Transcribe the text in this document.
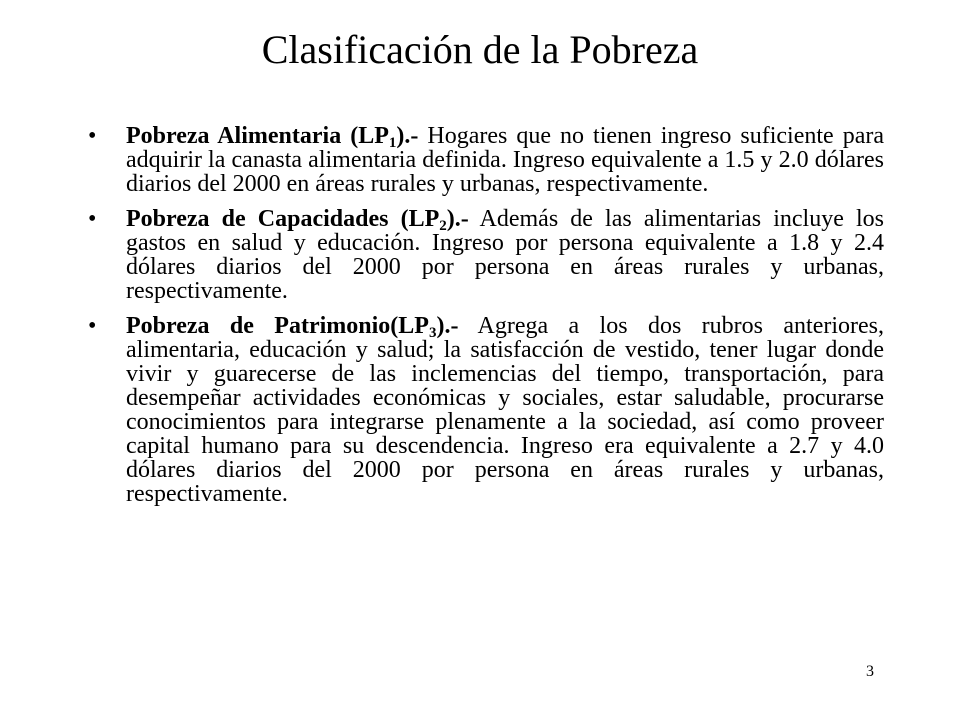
Clasificación de la Pobreza
• Pobreza Alimentaria $(LP_1).-$ Hogares que no tienen ingreso suficiente para adquirir la canasta alimentaria definida. Ingreso equivalente a 1.5 y 2.0 dólares diarios del 2000 en áreas rurales y urbanas, respectivamente.
• Pobreza de Capacidades $(LP_2).-$ Además de las alimentarias incluye los gastos en salud y educación. Ingreso por persona equivalente a 1.8 y 2.4 dólares diarios del 2000 por persona en áreas rurales y urbanas, respectivamente.
• Pobreza de $Patrimonio(LP_3).-$ Agrega a los dos rubros anteriores, alimentaria, educación y salud; la satisfacción de vestido, tener lugar donde vivir y guarecerse de las inclemencias del tiempo, transportación, para desempeñar actividades económicas y sociales, estar saludable, procurarse conocimientos para integrarse plenamente a la sociedad, así como proveer capital humano para su descendencia. Ingreso era equivalente a 2.7 y 4.0 dólares diarios del 2000 por persona en áreas rurales y urbanas, respectivamente.
3
